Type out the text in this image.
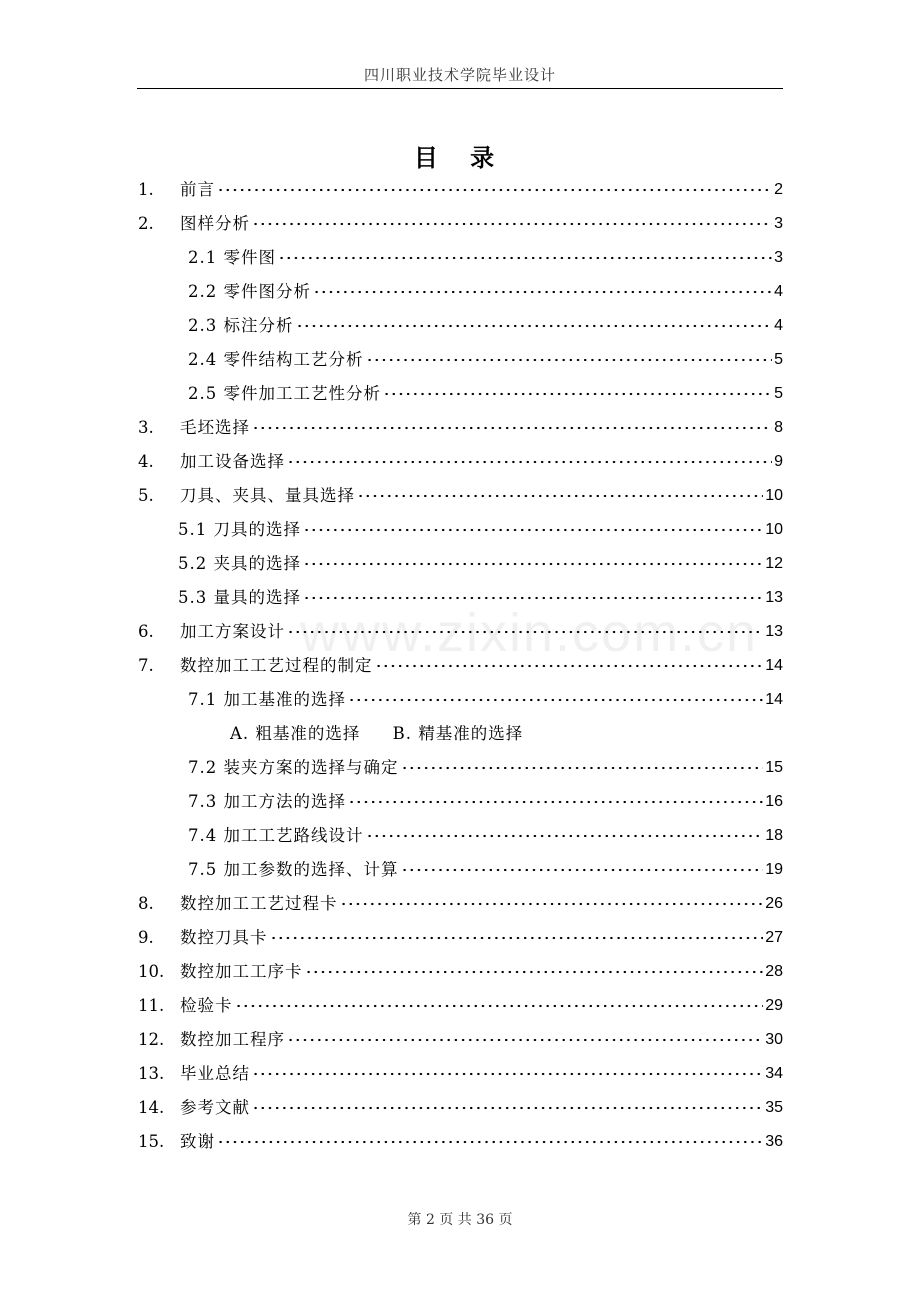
四川职业技术学院毕业设计
目 录
1.	前言	2
2.	图样分析	3
2.1 零件图	3
2.2 零件图分析	4
2.3 标注分析	4
2.4 零件结构工艺分析	5
2.5 零件加工工艺性分析	5
3.	毛坯选择	8
4.	加工设备选择	9
5.	刀具、夹具、量具选择	10
5.1 刀具的选择	10
5.2 夹具的选择	12
5.3 量具的选择	13
6.	加工方案设计	13
7.	数控加工工艺过程的制定	14
7.1 加工基准的选择	14
7.2 装夹方案的选择与确定	15
7.3 加工方法的选择	16
7.4 加工工艺路线设计	18
7.5 加工参数的选择、计算	19
8.	数控加工工艺过程卡	26
9.	数控刀具卡	27
10. 数控加工工序卡	28
11. 检验卡	29
12. 数控加工程序	30
13. 毕业总结	34
14. 参考文献	35
15. 致谢	36
A. 粗基准的选择 B. 精基准的选择
第 2 页 共 36 页
